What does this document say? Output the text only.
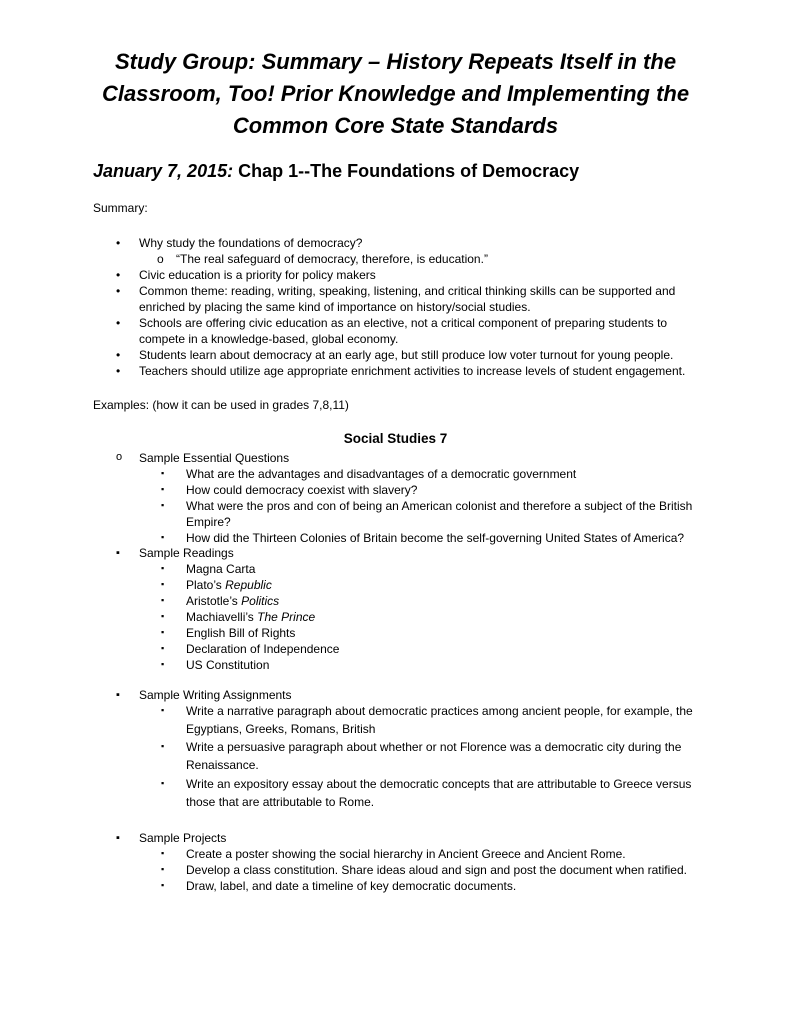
Study Group: Summary – History Repeats Itself in the Classroom, Too! Prior Knowledge and Implementing the Common Core State Standards
January 7, 2015: Chap 1--The Foundations of Democracy
Summary:
• Why study the foundations of democracy?
o “The real safeguard of democracy, therefore, is education.”
• Civic education is a priority for policy makers
• Common theme: reading, writing, speaking, listening, and critical thinking skills can be supported and enriched by placing the same kind of importance on history/social studies.
• Schools are offering civic education as an elective, not a critical component of preparing students to compete in a knowledge-based, global economy.
• Students learn about democracy at an early age, but still produce low voter turnout for young people.
• Teachers should utilize age appropriate enrichment activities to increase levels of student engagement.
Examples: (how it can be used in grades 7,8,11)
Social Studies 7
o Sample Essential Questions
▪ What are the advantages and disadvantages of a democratic government
▪ How could democracy coexist with slavery?
▪ What were the pros and con of being an American colonist and therefore a subject of the British Empire?
▪ How did the Thirteen Colonies of Britain become the self-governing United States of America?
▪ Sample Readings
▪ Magna Carta
▪ Plato’s Republic
▪ Aristotle’s Politics
▪ Machiavelli’s The Prince
▪ English Bill of Rights
▪ Declaration of Independence
▪ US Constitution
▪ Sample Writing Assignments
▪ Write a narrative paragraph about democratic practices among ancient people, for example, the Egyptians, Greeks, Romans, British
▪ Write a persuasive paragraph about whether or not Florence was a democratic city during the Renaissance.
▪ Write an expository essay about the democratic concepts that are attributable to Greece versus those that are attributable to Rome.
▪ Sample Projects
▪ Create a poster showing the social hierarchy in Ancient Greece and Ancient Rome.
▪ Develop a class constitution. Share ideas aloud and sign and post the document when ratified.
▪ Draw, label, and date a timeline of key democratic documents.
